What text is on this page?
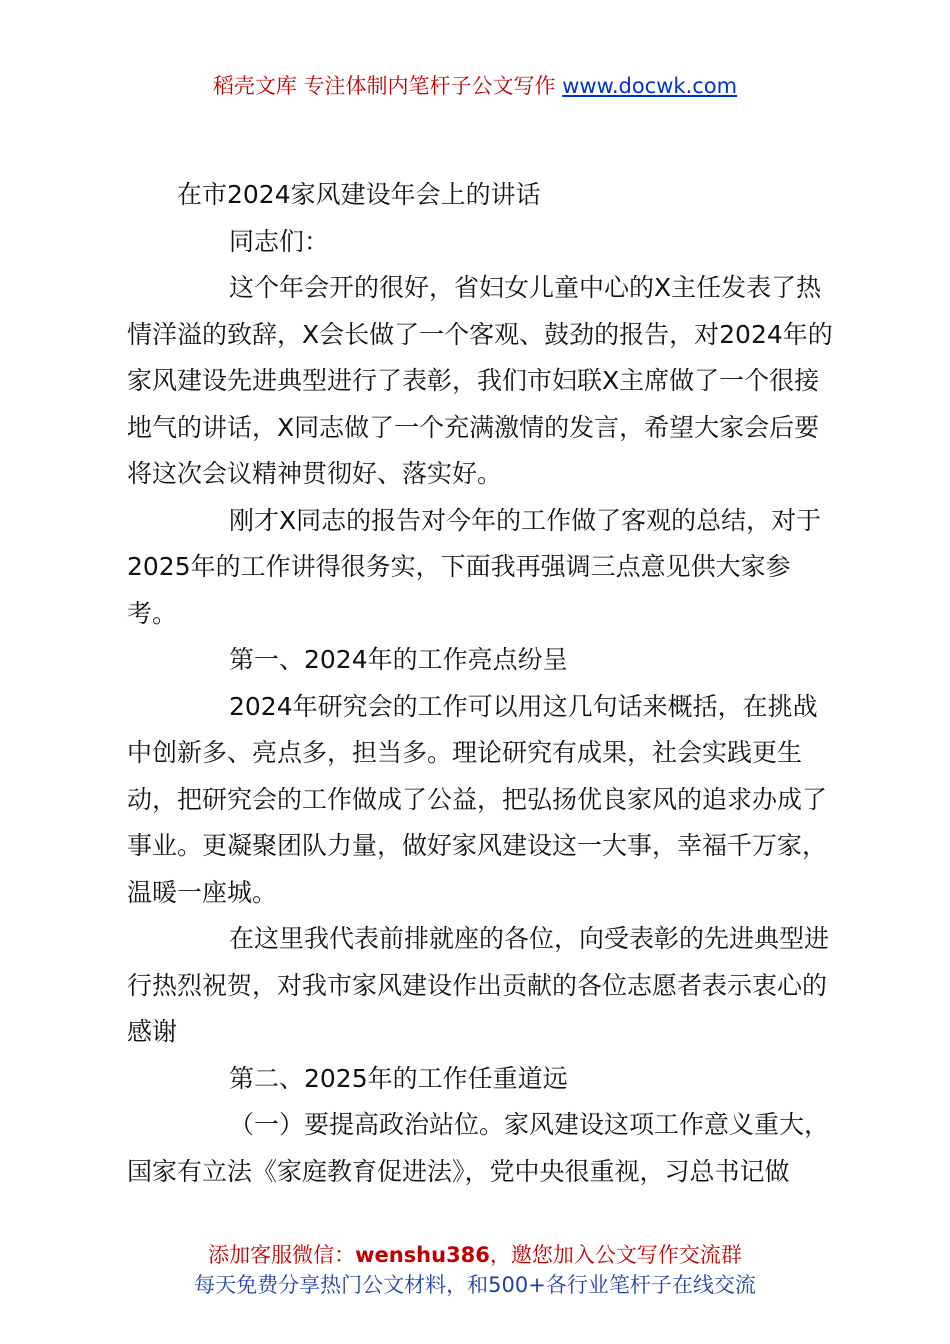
稻壳文库 专注体制内笔杆子公文写作 www.docwk.com

在市2024家风建设年会上的讲话

同志们：

这个年会开的很好，省妇女儿童中心的X主任发表了热情洋溢的致辞，X会长做了一个客观、鼓劲的报告，对2024年的家风建设先进典型进行了表彰，我们市妇联X主席做了一个很接地气的讲话，X同志做了一个充满激情的发言，希望大家会后要将这次会议精神贯彻好、落实好。

刚才X同志的报告对今年的工作做了客观的总结，对于2025年的工作讲得很务实，下面我再强调三点意见供大家参考。

第一、2024年的工作亮点纷呈

2024年研究会的工作可以用这几句话来概括，在挑战中创新多、亮点多，担当多。理论研究有成果，社会实践更生动，把研究会的工作做成了公益，把弘扬优良家风的追求办成了事业。更凝聚团队力量，做好家风建设这一大事，幸福千万家，温暖一座城。

在这里我代表前排就座的各位，向受表彰的先进典型进行热烈祝贺，对我市家风建设作出贡献的各位志愿者表示衷心的感谢

第二、2025年的工作任重道远

（一）要提高政治站位。家风建设这项工作意义重大，国家有立法《家庭教育促进法》，党中央很重视，习总书记做

添加客服微信：wenshu386，邀您加入公文写作交流群
每天免费分享热门公文材料，和500+各行业笔杆子在线交流
